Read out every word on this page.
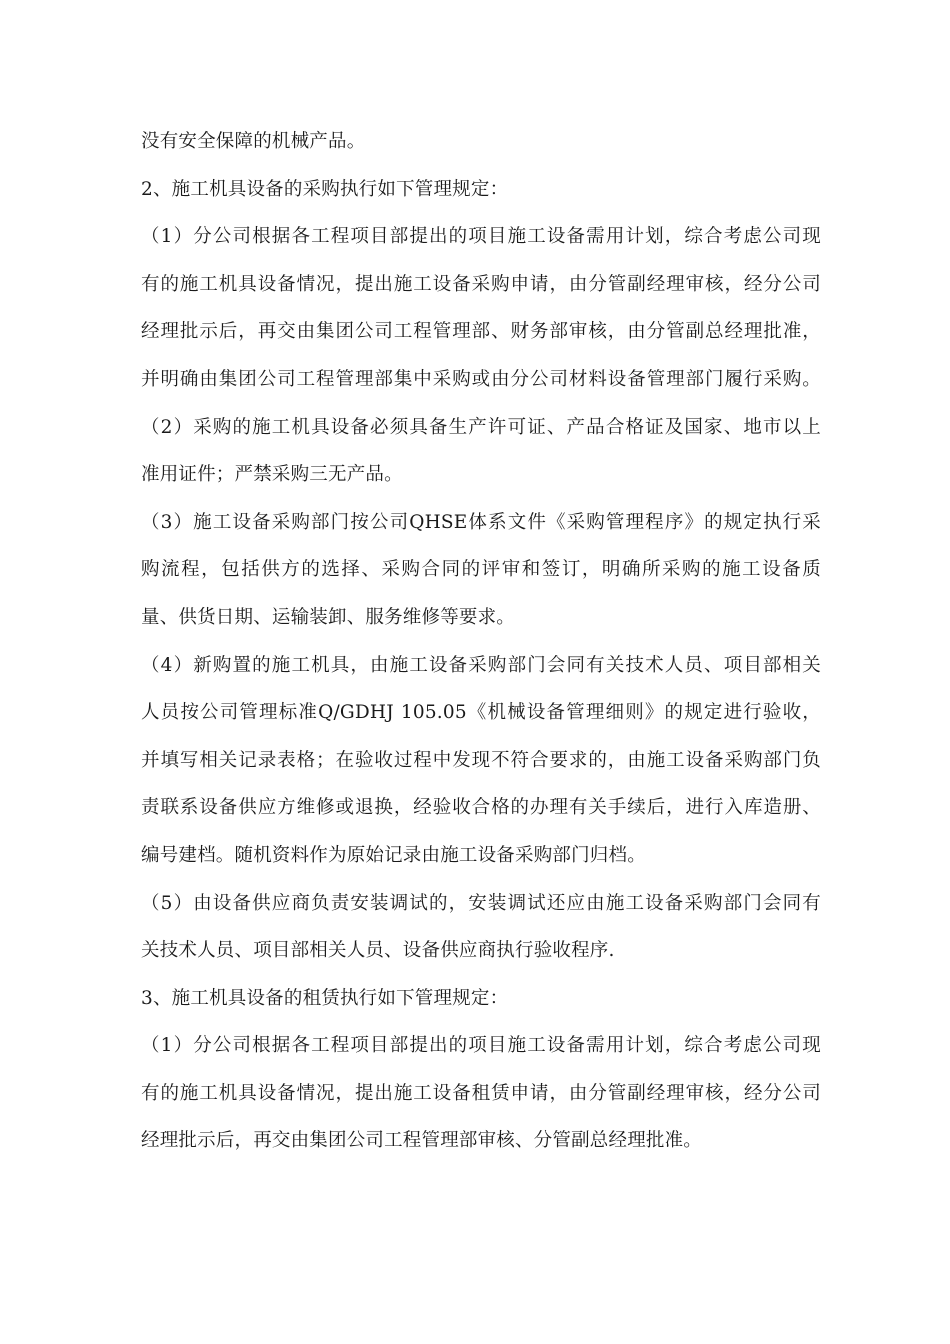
没有安全保障的机械产品。
2、施工机具设备的采购执行如下管理规定：
（1）分公司根据各工程项目部提出的项目施工设备需用计划，综合考虑公司现
有的施工机具设备情况，提出施工设备采购申请，由分管副经理审核，经分公司
经理批示后，再交由集团公司工程管理部、财务部审核，由分管副总经理批准，
并明确由集团公司工程管理部集中采购或由分公司材料设备管理部门履行采购。
（2）采购的施工机具设备必须具备生产许可证、产品合格证及国家、地市以上
准用证件；严禁采购三无产品。
（3）施工设备采购部门按公司QHSE体系文件《采购管理程序》的规定执行采
购流程，包括供方的选择、采购合同的评审和签订，明确所采购的施工设备质
量、供货日期、运输装卸、服务维修等要求。
（4）新购置的施工机具，由施工设备采购部门会同有关技术人员、项目部相关
人员按公司管理标准Q/GDHJ 105.05《机械设备管理细则》的规定进行验收，
并填写相关记录表格；在验收过程中发现不符合要求的，由施工设备采购部门负
责联系设备供应方维修或退换，经验收合格的办理有关手续后，进行入库造册、
编号建档。随机资料作为原始记录由施工设备采购部门归档。
（5）由设备供应商负责安装调试的，安装调试还应由施工设备采购部门会同有
关技术人员、项目部相关人员、设备供应商执行验收程序.
3、施工机具设备的租赁执行如下管理规定：
（1）分公司根据各工程项目部提出的项目施工设备需用计划，综合考虑公司现
有的施工机具设备情况，提出施工设备租赁申请，由分管副经理审核，经分公司
经理批示后，再交由集团公司工程管理部审核、分管副总经理批准。
